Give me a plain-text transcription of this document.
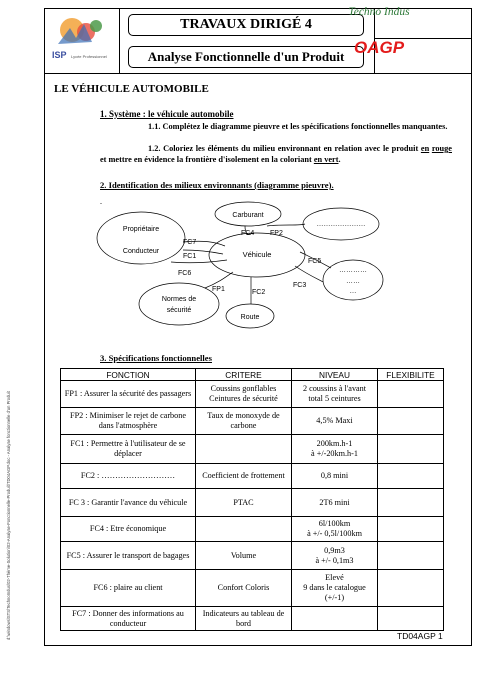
d:\windows\STS\TechnoIndus\02-Thème-Solution\02-Analyse-Fonctionnelle-Produit\TD04AGP.doc - Analyse fonctionnelle d'un Produit
ISP Lycée Professionnel
TRAVAUX DIRIGÉ 4
Analyse Fonctionnelle d'un Produit
Techno Indus
OAGP
LE VÉHICULE AUTOMOBILE
1. Système : le véhicule automobile
1.1. Complétez le diagramme pieuvre et les spécifications fonctionnelles manquantes.
1.2. Coloriez les éléments du milieu environnant en relation avec le produit en rouge et mettre en évidence la frontière d'isolement en la coloriant en vert.
2. Identification des milieux environnants (diagramme pieuvre).
.
Véhicule
Propriétaire
Conducteur
Carburant
…………………
…………
……
…
Normes de
sécurité
Route
FC7
FC1
FC6
FC4 FP2
FC5
FC3
FP1	FC2
3. Spécifications fonctionnelles
FONCTION	CRITERE	NIVEAU	FLEXIBILITE
FP1 : Assurer la sécurité des passagers	Coussins gonflables Ceintures de sécurité	2 coussins à l'avant
total 5 ceintures	

FP2 : Minimiser le rejet de carbone dans l'atmosphère	Taux de monoxyde de carbone	4,5% Maxi	

FC1 : Permettre à l'utilisateur de se déplacer		200km.h-1
à +/-20km.h-1	

FC2 : ………………………	Coefficient de frottement	0,8 mini	

FC 3 : Garantir l'avance du véhicule	PTAC	2T6 mini	

FC4 : Etre économique		6l/100km
à +/- 0,5l/100km	

FC5 : Assurer le transport de bagages	Volume	0,9m3
à +/- 0,1m3	

FC6 : plaire au client	Confort Coloris	Elevé
9 dans le catalogue (+/-1)	

FC7 : Donner des informations au conducteur	Indicateurs au tableau de bord	

TD04AGP 1
